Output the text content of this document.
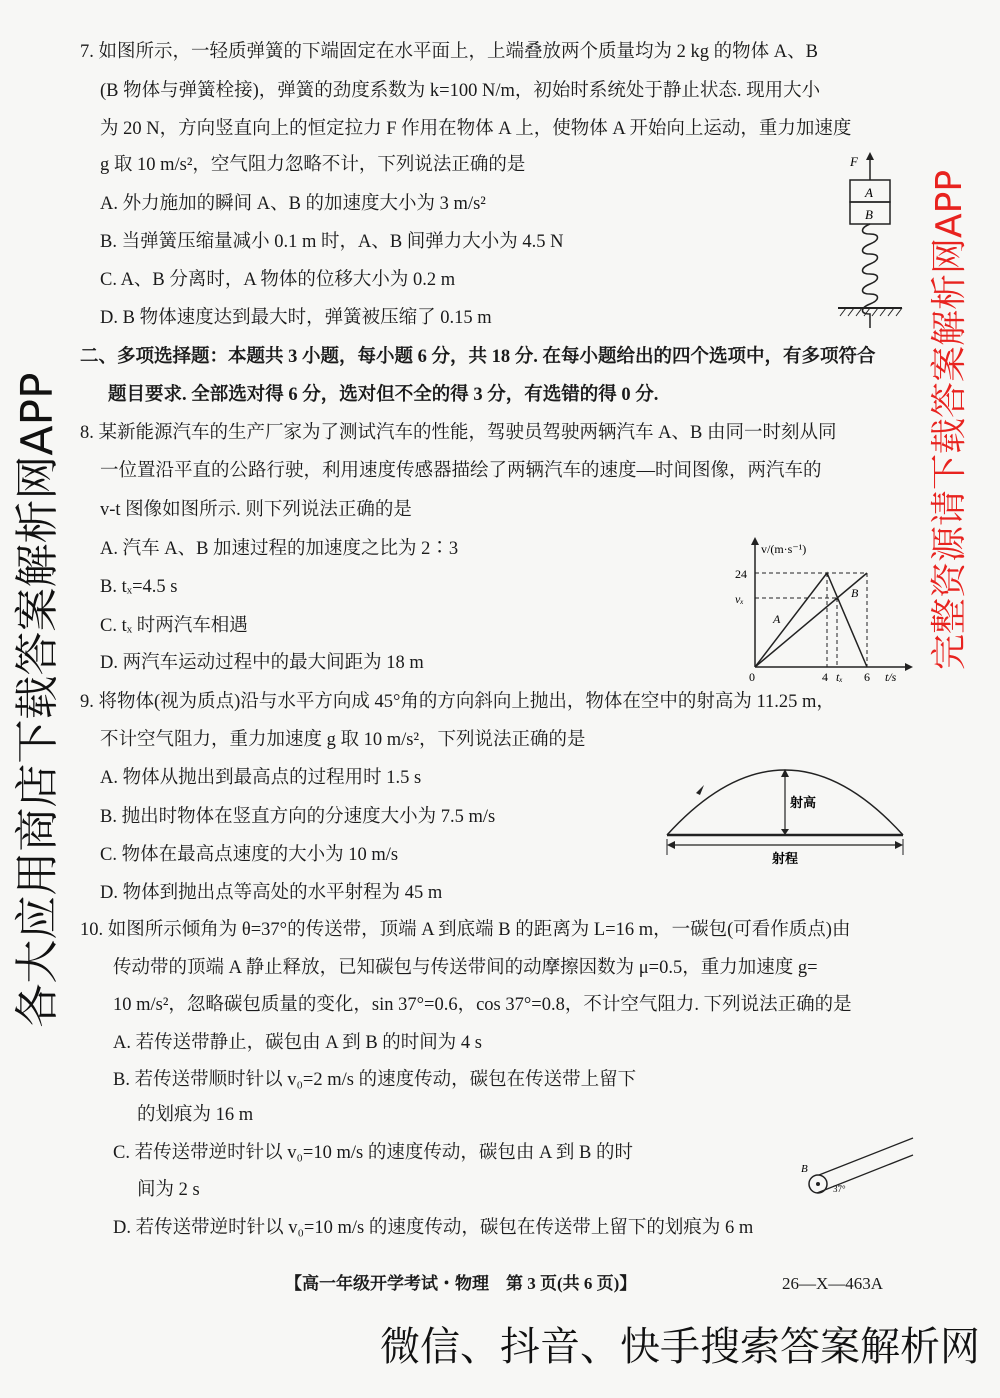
7. 如图所示，一轻质弹簧的下端固定在水平面上，上端叠放两个质量均为 2 kg 的物体 A、B
(B 物体与弹簧栓接)，弹簧的劲度系数为 k=100 N/m，初始时系统处于静止状态. 现用大小
为 20 N，方向竖直向上的恒定拉力 F 作用在物体 A 上，使物体 A 开始向上运动，重力加速度
g 取 10 m/s²，空气阻力忽略不计，下列说法正确的是
A. 外力施加的瞬间 A、B 的加速度大小为 3 m/s²
B. 当弹簧压缩量减小 0.1 m 时，A、B 间弹力大小为 4.5 N
C. A、B 分离时，A 物体的位移大小为 0.2 m
D. B 物体速度达到最大时，弹簧被压缩了 0.15 m
F
A
B
二、多项选择题：本题共 3 小题，每小题 6 分，共 18 分. 在每小题给出的四个选项中，有多项符合
题目要求. 全部选对得 6 分，选对但不全的得 3 分，有选错的得 0 分.
8. 某新能源汽车的生产厂家为了测试汽车的性能，驾驶员驾驶两辆汽车 A、B 由同一时刻从同
一位置沿平直的公路行驶，利用速度传感器描绘了两辆汽车的速度—时间图像，两汽车的
v-t 图像如图所示. 则下列说法正确的是
A. 汽车 A、B 加速过程的加速度之比为 2∶3
B. tₓ=4.5 s
C. tₓ 时两汽车相遇
D. 两汽车运动过程中的最大间距为 18 m
v/(m·s⁻¹)
t/s
0
24
vₓ
4 tₓ 6
A
B
9. 将物体(视为质点)沿与水平方向成 45°角的方向斜向上抛出，物体在空中的射高为 11.25 m，
不计空气阻力，重力加速度 g 取 10 m/s²，下列说法正确的是
A. 物体从抛出到最高点的过程用时 1.5 s
B. 抛出时物体在竖直方向的分速度大小为 7.5 m/s
C. 物体在最高点速度的大小为 10 m/s
D. 物体到抛出点等高处的水平射程为 45 m
射高
射程
10. 如图所示倾角为 θ=37°的传送带，顶端 A 到底端 B 的距离为 L=16 m，一碳包(可看作质点)由
传动带的顶端 A 静止释放，已知碳包与传送带间的动摩擦因数为 μ=0.5，重力加速度 g=
10 m/s²，忽略碳包质量的变化，sin 37°=0.6，cos 37°=0.8，不计空气阻力. 下列说法正确的是
A. 若传送带静止，碳包由 A 到 B 的时间为 4 s
B. 若传送带顺时针以 v₀=2 m/s 的速度传动，碳包在传送带上留下
的划痕为 16 m
C. 若传送带逆时针以 v₀=10 m/s 的速度传动，碳包由 A 到 B 的时
间为 2 s
D. 若传送带逆时针以 v₀=10 m/s 的速度传动，碳包在传送带上留下的划痕为 6 m
B
37°
【高一年级开学考试・物理　第 3 页(共 6 页)】	26—X—463A
各大应用商店下载答案解析网APP	完整资源请下载答案解析网APP
微信、抖音、快手搜索答案解析网
